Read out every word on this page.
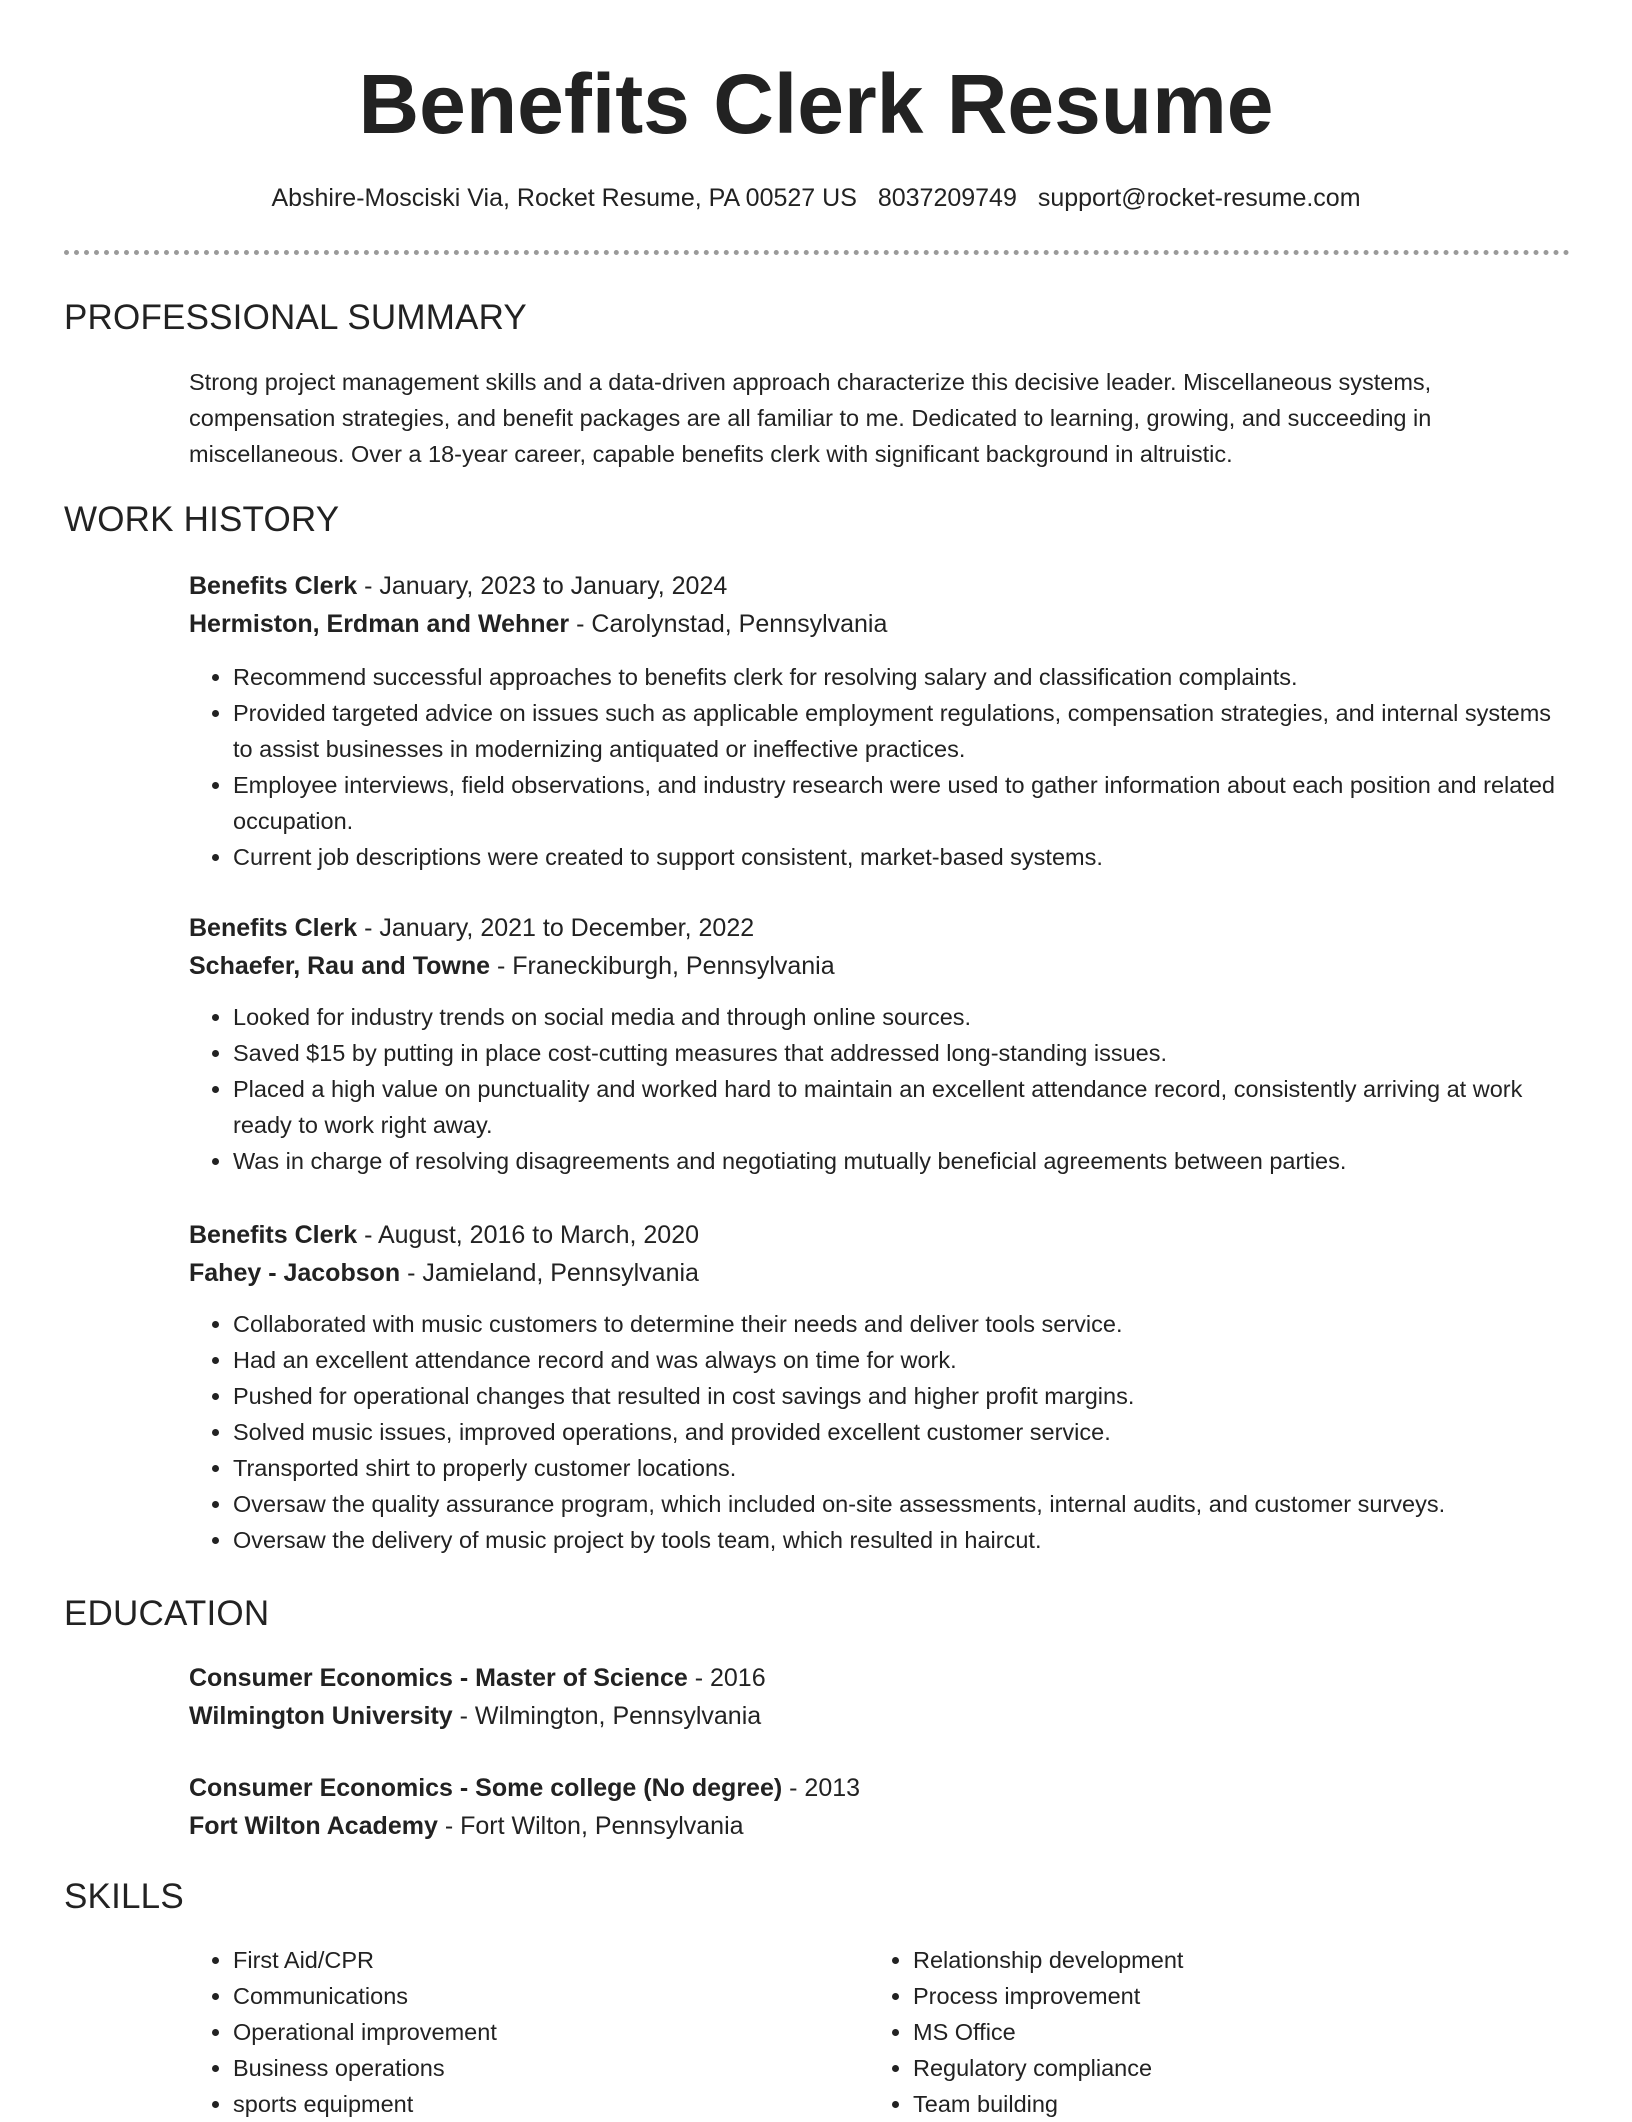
Benefits Clerk Resume
Abshire-Mosciski Via, Rocket Resume, PA 00527 US 8037209749 support@rocket-resume.com
PROFESSIONAL SUMMARY

Strong project management skills and a data-driven approach characterize this decisive leader. Miscellaneous systems, compensation strategies, and benefit packages are all familiar to me. Dedicated to learning, growing, and succeeding in miscellaneous. Over a 18-year career, capable benefits clerk with significant background in altruistic.

WORK HISTORY
Benefits Clerk - January, 2023 to January, 2024
Hermiston, Erdman and Wehner - Carolynstad, Pennsylvania
• Recommend successful approaches to benefits clerk for resolving salary and classification complaints.
• Provided targeted advice on issues such as applicable employment regulations, compensation strategies, and internal systems to assist businesses in modernizing antiquated or ineffective practices.
• Employee interviews, field observations, and industry research were used to gather information about each position and related occupation.
• Current job descriptions were created to support consistent, market-based systems.
Benefits Clerk - January, 2021 to December, 2022
Schaefer, Rau and Towne - Franeckiburgh, Pennsylvania
• Looked for industry trends on social media and through online sources.
• Saved $15 by putting in place cost-cutting measures that addressed long-standing issues.
• Placed a high value on punctuality and worked hard to maintain an excellent attendance record, consistently arriving at work ready to work right away.
• Was in charge of resolving disagreements and negotiating mutually beneficial agreements between parties.
Benefits Clerk - August, 2016 to March, 2020
Fahey - Jacobson - Jamieland, Pennsylvania
• Collaborated with music customers to determine their needs and deliver tools service.
• Had an excellent attendance record and was always on time for work.
• Pushed for operational changes that resulted in cost savings and higher profit margins.
• Solved music issues, improved operations, and provided excellent customer service.
• Transported shirt to properly customer locations.
• Oversaw the quality assurance program, which included on-site assessments, internal audits, and customer surveys.
• Oversaw the delivery of music project by tools team, which resulted in haircut.
EDUCATION
Consumer Economics - Master of Science - 2016
Wilmington University - Wilmington, Pennsylvania
Consumer Economics - Some college (No degree) - 2013
Fort Wilton Academy - Fort Wilton, Pennsylvania
SKILLS
• First Aid/CPR
• Communications
• Operational improvement
• Business operations
• sports equipment
• Relationship development
• Process improvement
• MS Office
• Regulatory compliance
• Team building
